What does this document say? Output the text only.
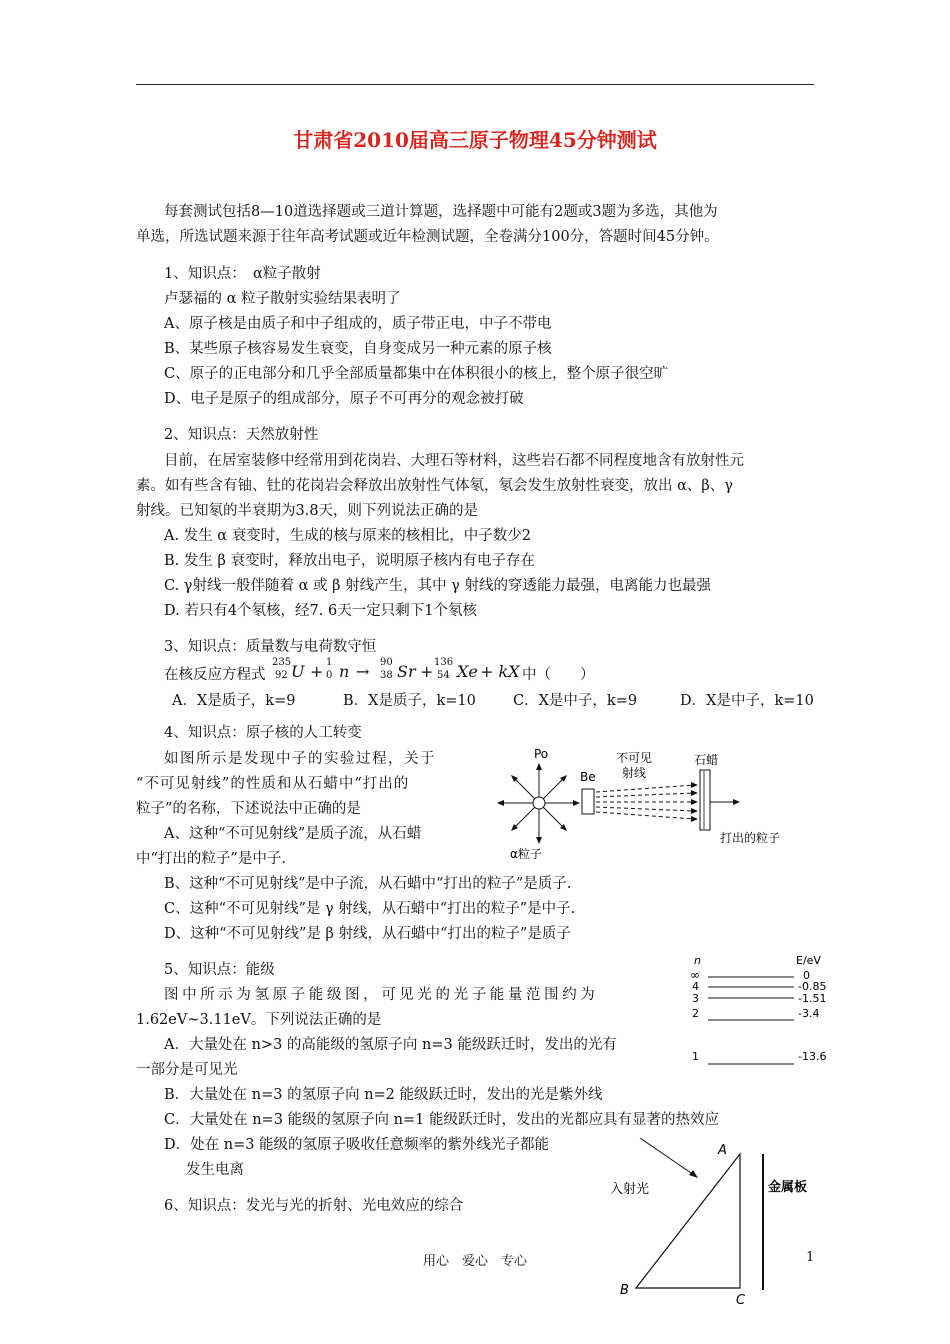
甘肃省2010届高三原子物理45分钟测试
每套测试包括8—10道选择题或三道计算题，选择题中可能有2题或3题为多选，其他为
单选，所选试题来源于往年高考试题或近年检测试题，全卷满分100分，答题时间45分钟。
1、知识点：　α粒子散射
卢瑟福的 α 粒子散射实验结果表明了
A、原子核是由质子和中子组成的，质子带正电，中子不带电
B、某些原子核容易发生衰变，自身变成另一种元素的原子核
C、原子的正电部分和几乎全部质量都集中在体积很小的核上，整个原子很空旷
D、电子是原子的组成部分，原子不可再分的观念被打破
2、知识点：天然放射性
目前，在居室装修中经常用到花岗岩、大理石等材料，这些岩石都不同程度地含有放射性元
素。如有些含有铀、钍的花岗岩会释放出放射性气体氡，氡会发生放射性衰变，放出 α、β、γ
射线。已知氡的半衰期为3.8天，则下列说法正确的是
A. 发生 α 衰变时，生成的核与原来的核相比，中子数少2
B. 发生 β 衰变时，释放出电子，说明原子核内有电子存在
C. γ射线一般伴随着 α 或 β 射线产生，其中 γ 射线的穿透能力最强，电离能力也最强
D. 若只有4个氡核，经7. 6天一定只剩下1个氡核
3、知识点：质量数与电荷数守恒
在核反应方程式
235
92 U + 1
0 n → 90
38 Sr + 136
54 Xe + kX 中（　　）
A．X是质子，k=9	B．X是质子，k=10	C．X是中子，k=9	D．X是中子，k=10
4、知识点：原子核的人工转变
如图所示是发现中子的实验过程，关于
“不可见射线”的性质和从石蜡中“打出的
粒子”的名称，下述说法中正确的是
A、这种“不可见射线”是质子流，从石蜡
中“打出的粒子”是中子.
B、这种“不可见射线”是中子流，从石蜡中“打出的粒子”是质子.
C、这种“不可见射线”是 γ 射线，从石蜡中“打出的粒子”是中子.
D、这种“不可见射线”是 β 射线，从石蜡中“打出的粒子”是质子
Po
α粒子
Be
不可见
射线
石蜡
打出的粒子
5、知识点：能级
图中所示为氢原子能级图，可见光的光子能量范围约为
1.62eV~3.11eV。下列说法正确的是
A．大量处在 n>3 的高能级的氢原子向 n=3 能级跃迁时，发出的光有
一部分是可见光
B．大量处在 n=3 的氢原子向 n=2 能级跃迁时，发出的光是紫外线
C．大量处在 n=3 能级的氢原子向 n=1 能级跃迁时，发出的光都应具有显著的热效应
D．处在 n=3 能级的氢原子吸收任意频率的紫外线光子都能
发生电离
n	E/eV
∞	0
4	-0.85
3	-1.51
2	-3.4
1	-13.6
6、知识点：发光与光的折射、光电效应的综合
A
B
C
入射光	金属板
用心　爱心　专心	1
